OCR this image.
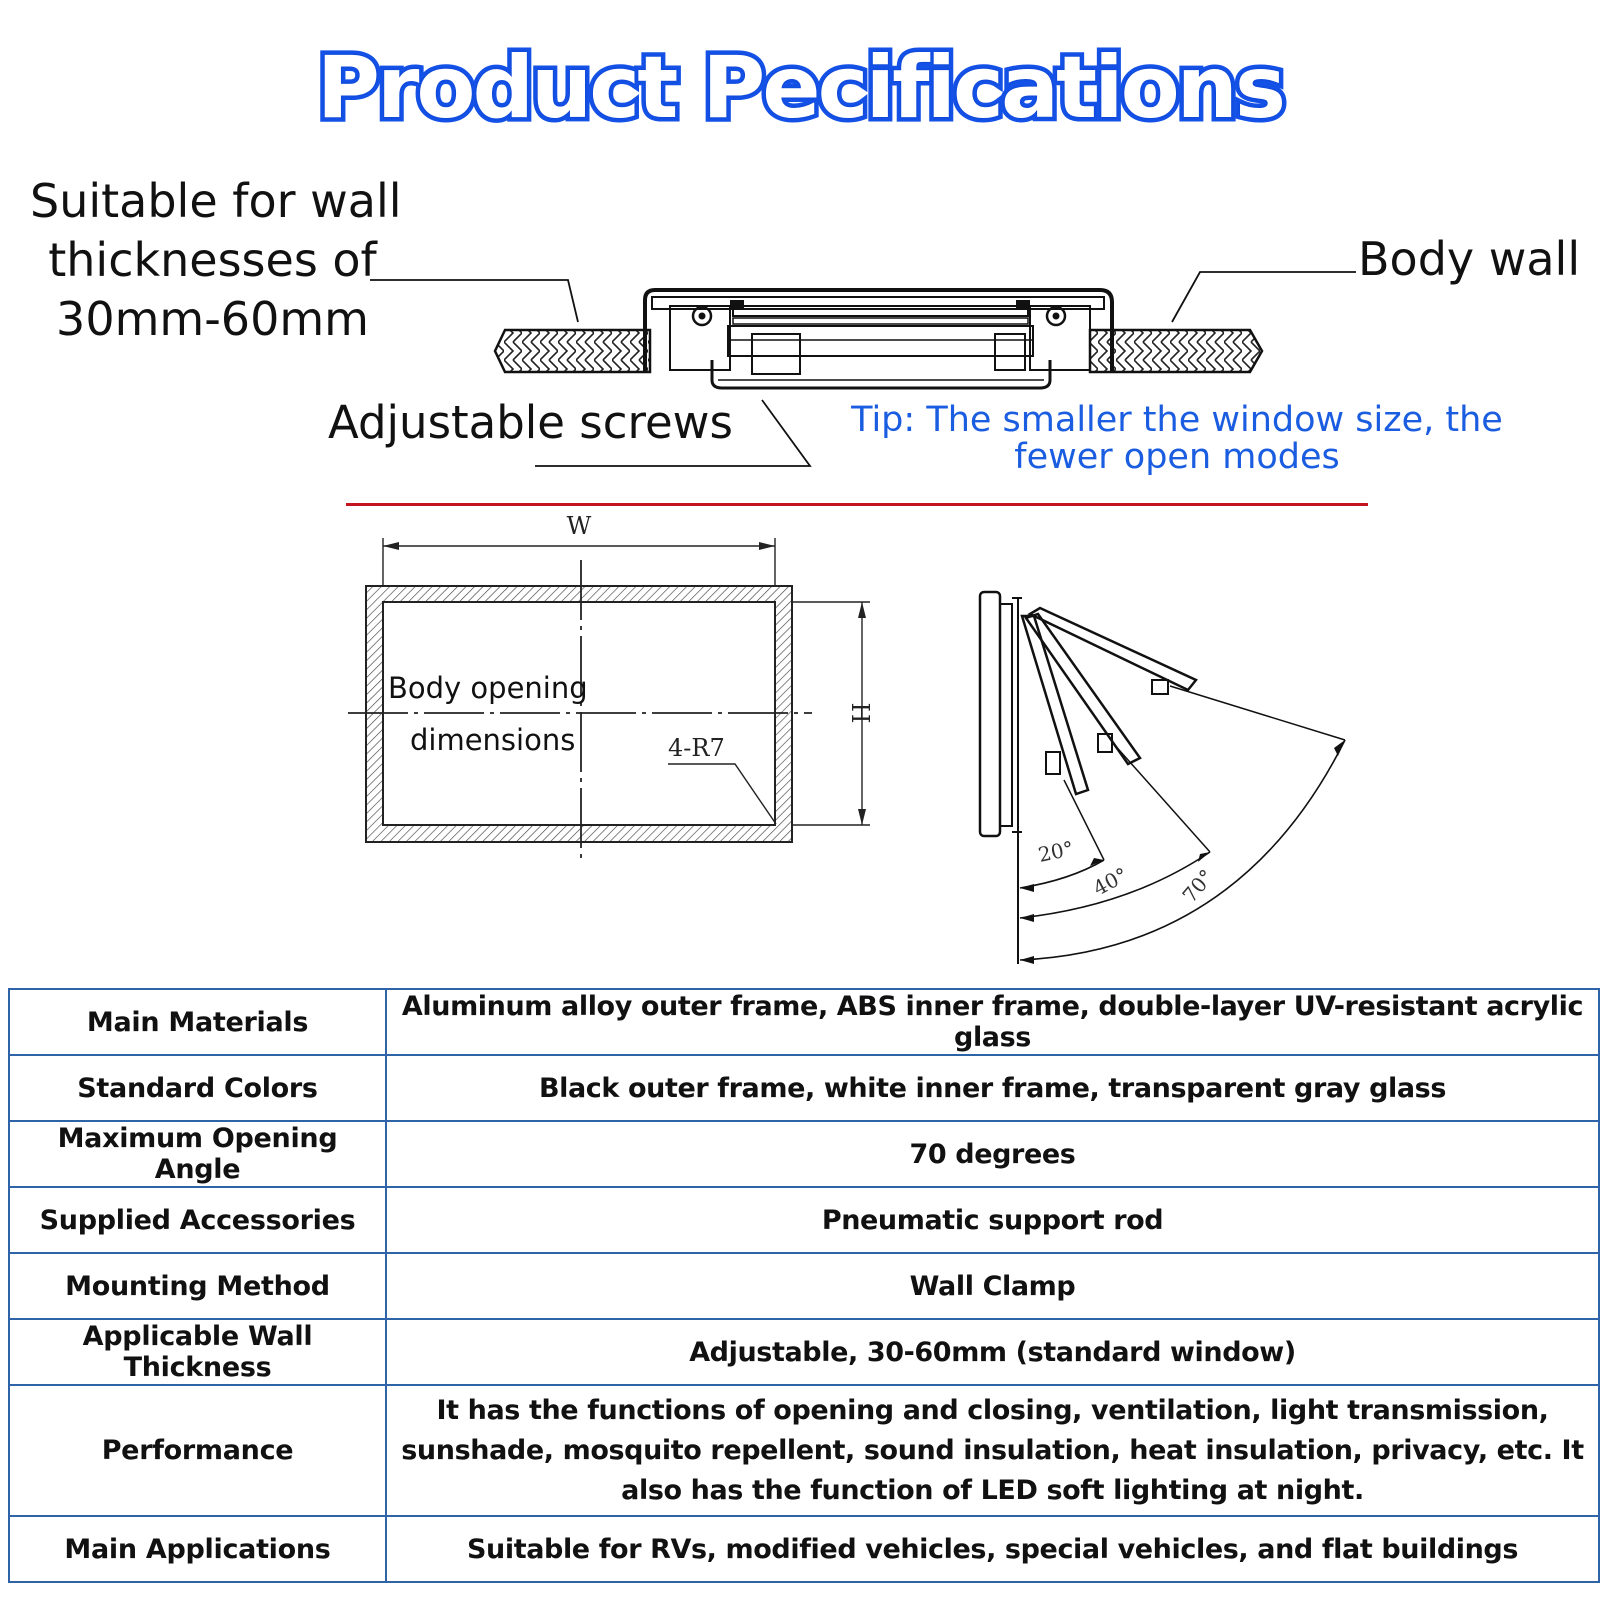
Product Pecifications
W
H
Body opening
dimensions	4-R7
20°
40° 70°
Suitable for wall
thicknesses of
30mm-60mm
Body wall
Adjustable screws	Tip: The smaller the window size, the
fewer open modes
Main Materials	Aluminum alloy outer frame, ABS inner frame, double-layer UV-resistant acrylic glass
Standard Colors	Black outer frame, white inner frame, transparent gray glass
Maximum Opening Angle	70 degrees
Supplied Accessories	Pneumatic support rod
Mounting Method	Wall Clamp
Applicable Wall Thickness	Adjustable, 30-60mm (standard window)
Performance	It has the functions of opening and closing, ventilation, light transmission, sunshade, mosquito repellent, sound insulation, heat insulation, privacy, etc. It also has the function of LED soft lighting at night.
Main Applications	Suitable for RVs, modified vehicles, special vehicles, and flat buildings
